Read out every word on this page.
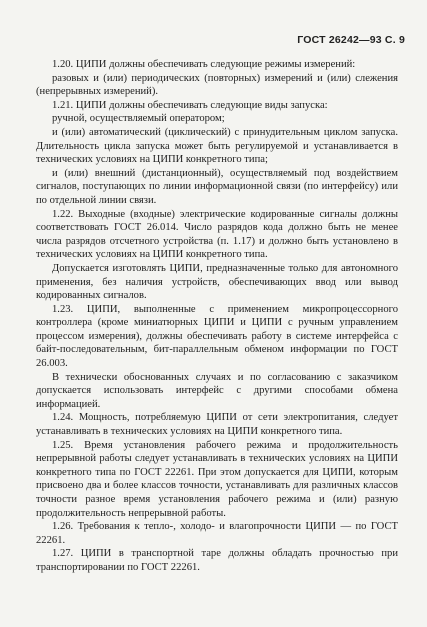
ГОСТ 26242—93 С. 9

1.20. ЦИПИ должны обеспечивать следующие режимы измерений:

разовых и (или) периодических (повторных) измерений и (или) слежения (непрерывных измерений).

1.21. ЦИПИ должны обеспечивать следующие виды запуска:

ручной, осуществляемый оператором;

и (или) автоматический (циклический) с принудительным циклом запуска. Длительность цикла запуска может быть регулируемой и устанавливается в технических условиях на ЦИПИ конкретного типа;

и (или) внешний (дистанционный), осуществляемый под воздействием сигналов, поступающих по линии информационной связи (по интерфейсу) или по отдельной линии связи.

1.22. Выходные (входные) электрические кодированные сигналы должны соответствовать ГОСТ 26.014. Число разрядов кода должно быть не менее числа разрядов отсчетного устройства (п. 1.17) и должно быть установлено в технических условиях на ЦИПИ конкретного типа.

Допускается изготовлять ЦИПИ, предназначенные только для автономного применения, без наличия устройств, обеспечивающих ввод или вывод кодированных сигналов.

1.23. ЦИПИ, выполненные с применением микропроцессорного контроллера (кроме миниатюрных ЦИПИ и ЦИПИ с ручным управлением процессом измерения), должны обеспечивать работу в системе интерфейса с байт-последовательным, бит-параллельным обменом информации по ГОСТ 26.003.

В технически обоснованных случаях и по согласованию с заказчиком допускается использовать интерфейс с другими способами обмена информацией.

1.24. Мощность, потребляемую ЦИПИ от сети электропитания, следует устанавливать в технических условиях на ЦИПИ конкретного типа.

1.25. Время установления рабочего режима и продолжительность непрерывной работы следует устанавливать в технических условиях на ЦИПИ конкретного типа по ГОСТ 22261. При этом допускается для ЦИПИ, которым присвоено два и более классов точности, устанавливать для различных классов точности разное время установления рабочего режима и (или) разную продолжительность непрерывной работы.

1.26. Требования к тепло-, холодо- и влагопрочности ЦИПИ — по ГОСТ 22261.

1.27. ЦИПИ в транспортной таре должны обладать прочностью при транспортировании по ГОСТ 22261.
